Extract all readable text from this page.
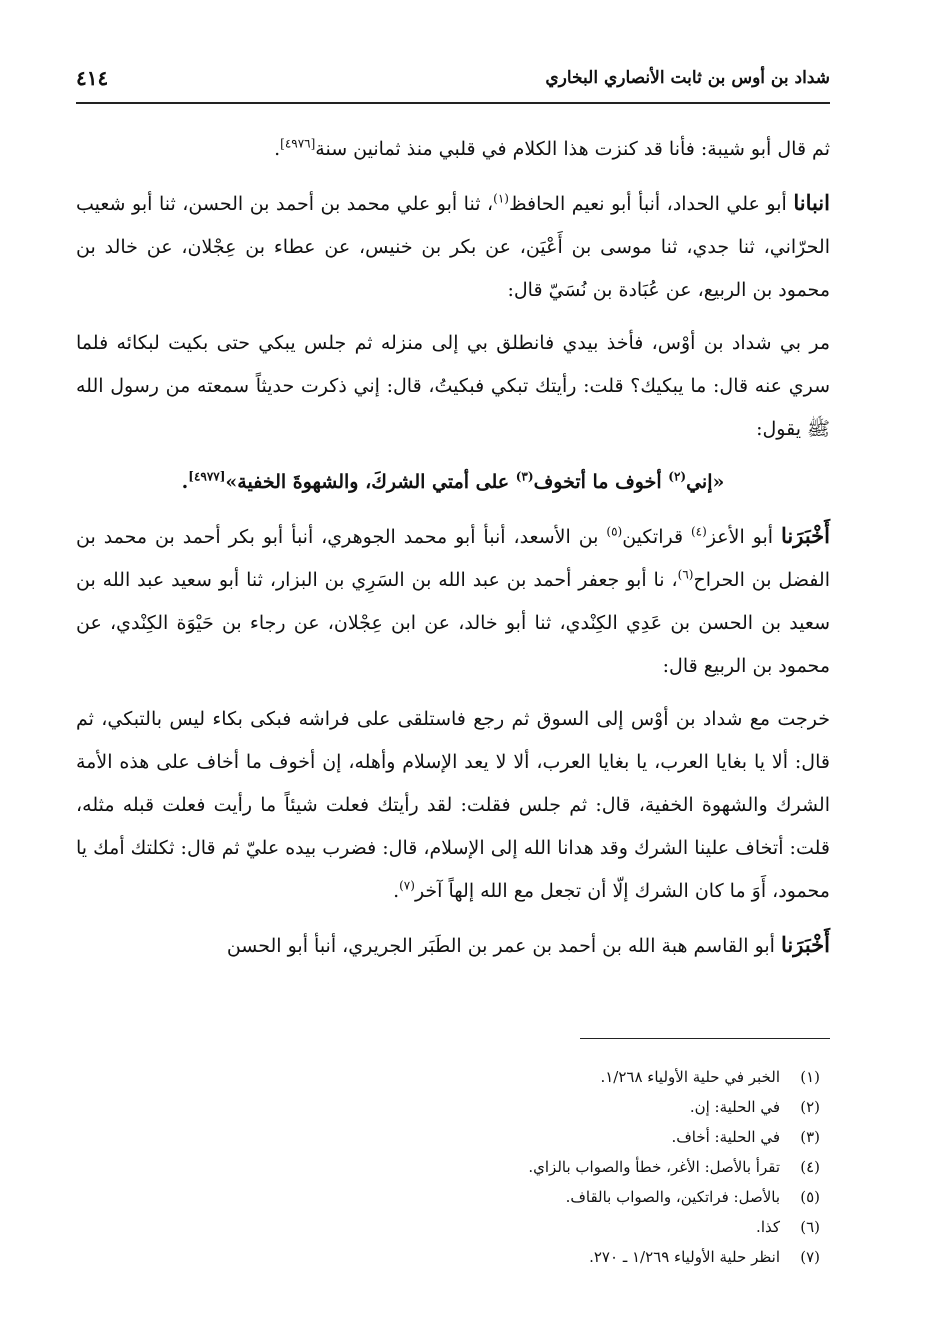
شداد بن أوس بن ثابت الأنصاري البخاري
٤١٤

ثم قال أبو شيبة: فأنا قد كنزت هذا الكلام في قلبي منذ ثمانين سنة[٤٩٧٦].

انبانا أبو علي الحداد، أنبأ أبو نعيم الحافظ$^{(١)}$، ثنا أبو علي محمد بن أحمد بن الحسن، ثنا أبو شعيب الحرّاني، ثنا جدي، ثنا موسى بن أَعْيَن، عن بكر بن خنيس، عن عطاء بن عِجْلان، عن خالد بن محمود بن الربيع، عن عُبَادة بن نُسَيّ قال:

مر بي شداد بن أوْس، فأخذ بيدي فانطلق بي إلى منزله ثم جلس يبكي حتى بكيت لبكائه فلما سري عنه قال: ما يبكيك؟ قلت: رأيتك تبكي فبكيتُ، قال: إني ذكرت حديثاً سمعته من رسول الله ﷺ يقول:

«إني$^{(٢)}$ أخوف ما أتخوف$^{(٣)}$ على أمتي الشركَ، والشهوةَ الخفية»[٤٩٧٧].

أَخْبَرَنا أبو الأعز$^{(٤)}$ قراتكين$^{(٥)}$ بن الأسعد، أنبأ أبو محمد الجوهري، أنبأ أبو بكر أحمد بن محمد بن الفضل بن الحراح$^{(٦)}$، نا أبو جعفر أحمد بن عبد الله بن السَرِي بن البزار، ثنا أبو سعيد عبد الله بن سعيد بن الحسن بن عَدِي الكِنْدي، ثنا أبو خالد، عن ابن عِجْلان، عن رجاء بن حَيْوَة الكِنْدي، عن محمود بن الربيع قال:

خرجت مع شداد بن أوْس إلى السوق ثم رجع فاستلقى على فراشه فبكى بكاء ليس بالتبكي، ثم قال: ألا يا بغايا العرب، يا بغايا العرب، ألا لا يعد الإسلام وأهله، إن أخوف ما أخاف على هذه الأمة الشرك والشهوة الخفية، قال: ثم جلس فقلت: لقد رأيتك فعلت شيئاً ما رأيت فعلت قبله مثله، قلت: أتخاف علينا الشرك وقد هدانا الله إلى الإسلام، قال: فضرب بيده عليّ ثم قال: ثكلتك أمك يا محمود، أَوَ ما كان الشرك إلّا أن تجعل مع الله إلهاً آخر$^{(٧)}$.

أَخْبَرَنا أبو القاسم هبة الله بن أحمد بن عمر بن الطَبَر الجريري، أنبأ أبو الحسن

(١)
الخبر في حلية الأولياء ١/٢٦٨.
(٢)
في الحلية: إن.
(٣)
في الحلية: أخاف.
(٤)
تقرأ بالأصل: الأغر، خطأ والصواب بالزاي.
(٥)
بالأصل: فراتكين، والصواب بالقاف.
(٦)
كذا.
(٧)
انظر حلية الأولياء ١/٢٦٩ ـ ٢٧٠.
